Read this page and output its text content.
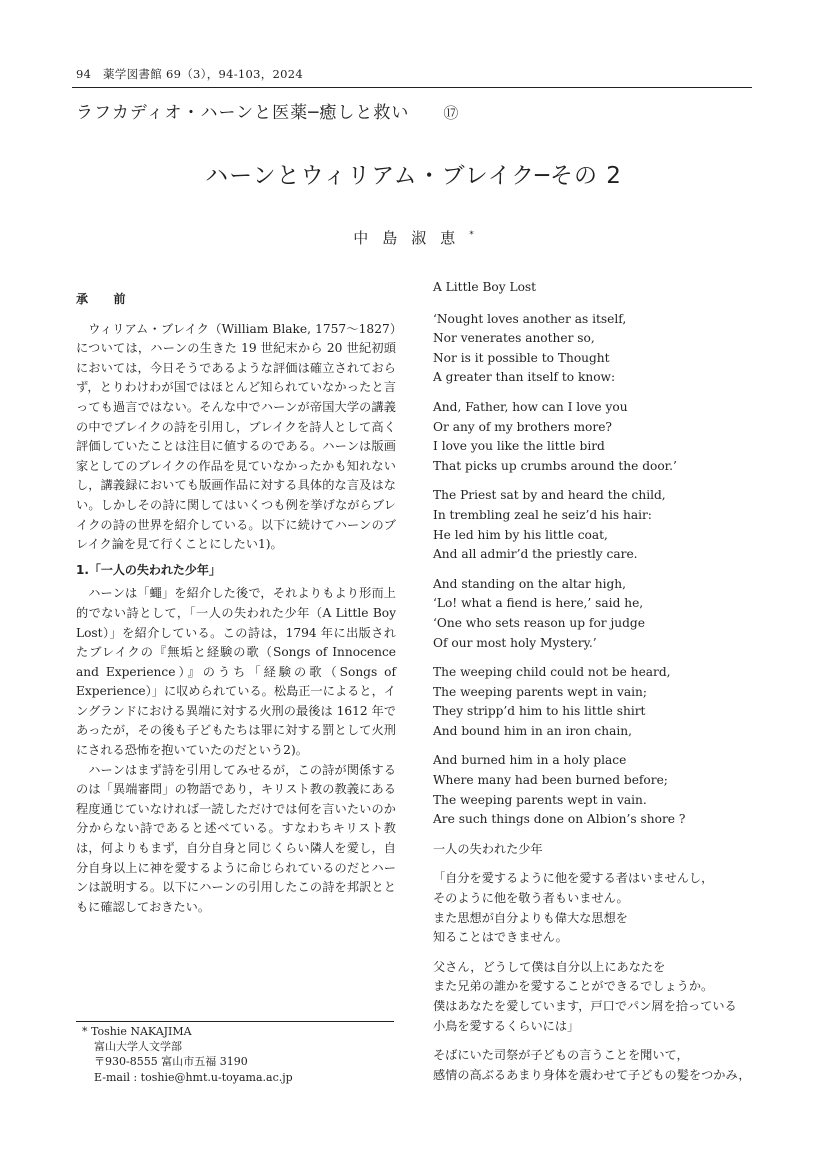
94　薬学図書館 69（3），94-103，2024
ラフカディオ・ハーンと医薬─癒しと救い ⑰
ハーンとウィリアム・ブレイク─その 2
中島淑恵*

承　　前

ウィリアム・ブレイク（William Blake, 1757～1827）については，ハーンの生きた 19 世紀末から 20 世紀初頭においては，今日そうであるような評価は確立されておらず，とりわけわが国ではほとんど知られていなかったと言っても過言ではない。そんな中でハーンが帝国大学の講義の中でブレイクの詩を引用し，ブレイクを詩人として高く評価していたことは注目に値するのである。ハーンは版画家としてのブレイクの作品を見ていなかったかも知れないし，講義録においても版画作品に対する具体的な言及はない。しかしその詩に関してはいくつも例を挙げながらブレイクの詩の世界を紹介している。以下に続けてハーンのブレイク論を見て行くことにしたい1)。

1.「一人の失われた少年」

ハーンは「蠅」を紹介した後で，それよりもより形而上的でない詩として，「一人の失われた少年（A Little Boy Lost）」を紹介している。この詩は，1794 年に出版されたブレイクの『無垢と経験の歌（Songs of Innocence and Experience）』のうち「経験の歌（Songs of Experience）」に収められている。松島正一によると，イングランドにおける異端に対する火刑の最後は 1612 年であったが，その後も子どもたちは罪に対する罰として火刑にされる恐怖を抱いていたのだという2)。

ハーンはまず詩を引用してみせるが，この詩が関係するのは「異端審問」の物語であり，キリスト教の教義にある程度通じていなければ一読しただけでは何を言いたいのか分からない詩であると述べている。すなわちキリスト教は，何よりもまず，自分自身と同じくらい隣人を愛し，自分自身以上に神を愛するように命じられているのだとハーンは説明する。以下にハーンの引用したこの詩を邦訳とともに確認しておきたい。

A Little Boy Lost

‘Nought loves another as itself,
Nor venerates another so,
Nor is it possible to Thought
A greater than itself to know:
And, Father, how can I love you
Or any of my brothers more?
I love you like the little bird
That picks up crumbs around the door.’
The Priest sat by and heard the child,
In trembling zeal he seiz’d his hair:
He led him by his little coat,
And all admir’d the priestly care.
And standing on the altar high,
‘Lo! what a fiend is here,’ said he,
‘One who sets reason up for judge
Of our most holy Mystery.’
The weeping child could not be heard,
The weeping parents wept in vain;
They stripp’d him to his little shirt
And bound him in an iron chain,
And burned him in a holy place
Where many had been burned before;
The weeping parents wept in vain.
Are such things done on Albion’s shore ?

一人の失われた少年

「自分を愛するように他を愛する者はいませんし，
そのように他を敬う者もいません。
また思想が自分よりも偉大な思想を
知ることはできません。
父さん，どうして僕は自分以上にあなたを
また兄弟の誰かを愛することができるでしょうか。
僕はあなたを愛しています，戸口でパン屑を拾っている
小鳥を愛するくらいには」
そばにいた司祭が子どもの言うことを聞いて，
感情の高ぶるあまり身体を震わせて子どもの髪をつかみ，
* Toshie NAKAJIMA
富山大学人文学部
〒930-8555 富山市五福 3190
E-mail : toshie@hmt.u-toyama.ac.jp
